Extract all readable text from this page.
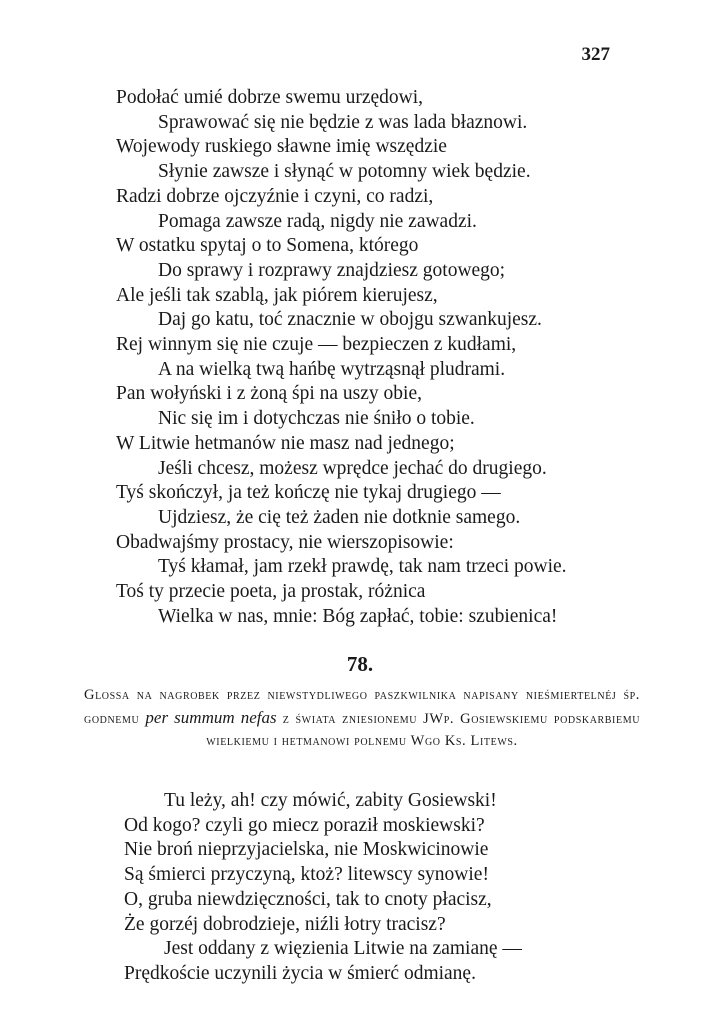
327
Podołać umié dobrze swemu urzędowi,
Sprawować się nie będzie z was lada błaznowi.
Wojewody ruskiego sławne imię wszędzie
Słynie zawsze i słynąć w potomny wiek będzie.
Radzi dobrze ojczyźnie i czyni, co radzi,
Pomaga zawsze radą, nigdy nie zawadzi.
W ostatku spytaj o to Somena, którego
Do sprawy i rozprawy znajdziesz gotowego;
Ale jeśli tak szablą, jak piórem kierujesz,
Daj go katu, toć znacznie w obojgu szwankujesz.
Rej winnym się nie czuje — bezpieczen z kudłami,
A na wielką twą hańbę wytrząsnął pludrami.
Pan wołyński i z żoną śpi na uszy obie,
Nic się im i dotychczas nie śniło o tobie.
W Litwie hetmanów nie masz nad jednego;
Jeśli chcesz, możesz wprędce jechać do drugiego.
Tyś skończył, ja też kończę nie tykaj drugiego —
Ujdziesz, że cię też żaden nie dotknie samego.
Obadwajśmy prostacy, nie wierszopisowie:
Tyś kłamał, jam rzekł prawdę, tak nam trzeci powie.
Toś ty przecie poeta, ja prostak, różnica
Wielka w nas, mnie: Bóg zapłać, tobie: szubienica!
78.
Glossa na nagrobek przez niewstydliwego paszkwilnika napisany nieśmiertelnéj śp. godnemu per summum nefas z świata zniesionemu JWp. Gosiewskiemu podskarbiemu wielkiemu i hetmanowi polnemu Wgo Ks. Litews.
Tu leży, ah! czy mówić, zabity Gosiewski!
Od kogo? czyli go miecz poraził moskiewski?
Nie broń nieprzyjacielska, nie Moskwicinowie
Są śmierci przyczyną, ktoż? litewscy synowie!
O, gruba niewdzięczności, tak to cnoty płacisz,
Że gorzéj dobrodzieje, niźli łotry tracisz?
Jest oddany z więzienia Litwie na zamianę —
Prędkoście uczynili życia w śmierć odmianę.
